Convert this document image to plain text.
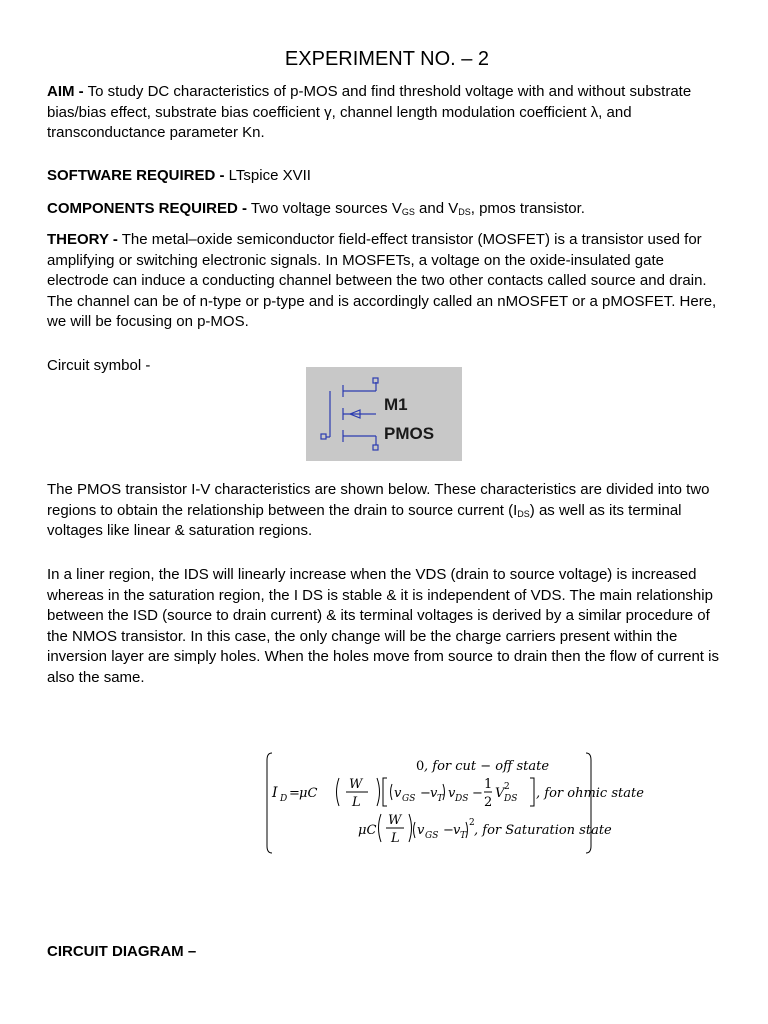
EXPERIMENT NO. – 2

AIM - To study DC characteristics of p-MOS and find threshold voltage with and without substrate bias/bias effect, substrate bias coefficient γ, channel length modulation coefficient λ, and transconductance parameter Kn.

SOFTWARE REQUIRED - LTspice XVII

COMPONENTS REQUIRED - Two voltage sources $V_{GS}$ and $V_{DS}$, pmos transistor.

THEORY - The metal–oxide semiconductor field-effect transistor (MOSFET) is a transistor used for amplifying or switching electronic signals. In MOSFETs, a voltage on the oxide-insulated gate electrode can induce a conducting channel between the two other contacts called source and drain. The channel can be of n-type or p-type and is accordingly called an nMOSFET or a pMOSFET. Here, we will be focusing on p-MOS.

Circuit symbol -

M1
PMOS

The PMOS transistor I-V characteristics are shown below. These characteristics are divided into two regions to obtain the relationship between the drain to source current $(I_{DS})$ as well as its terminal voltages like linear & saturation regions.

In a liner region, the IDS will linearly increase when the VDS (drain to source voltage) is increased whereas in the saturation region, the I DS is stable & it is independent of VDS. The main relationship between the ISD (source to drain current) & its terminal voltages is derived by a similar procedure of the NMOS transistor. In this case, the only change will be the charge carriers present within the inversion layer are simply holes. When the holes move from source to drain then the flow of current is also the same.

0 , for cut − off state
I D = μC
W
L
v GS − v T v DS −
1
2
V 2
DS , for ohmic state
μC
W
L
v GS − v T
2 , for Saturation state

CIRCUIT DIAGRAM –
